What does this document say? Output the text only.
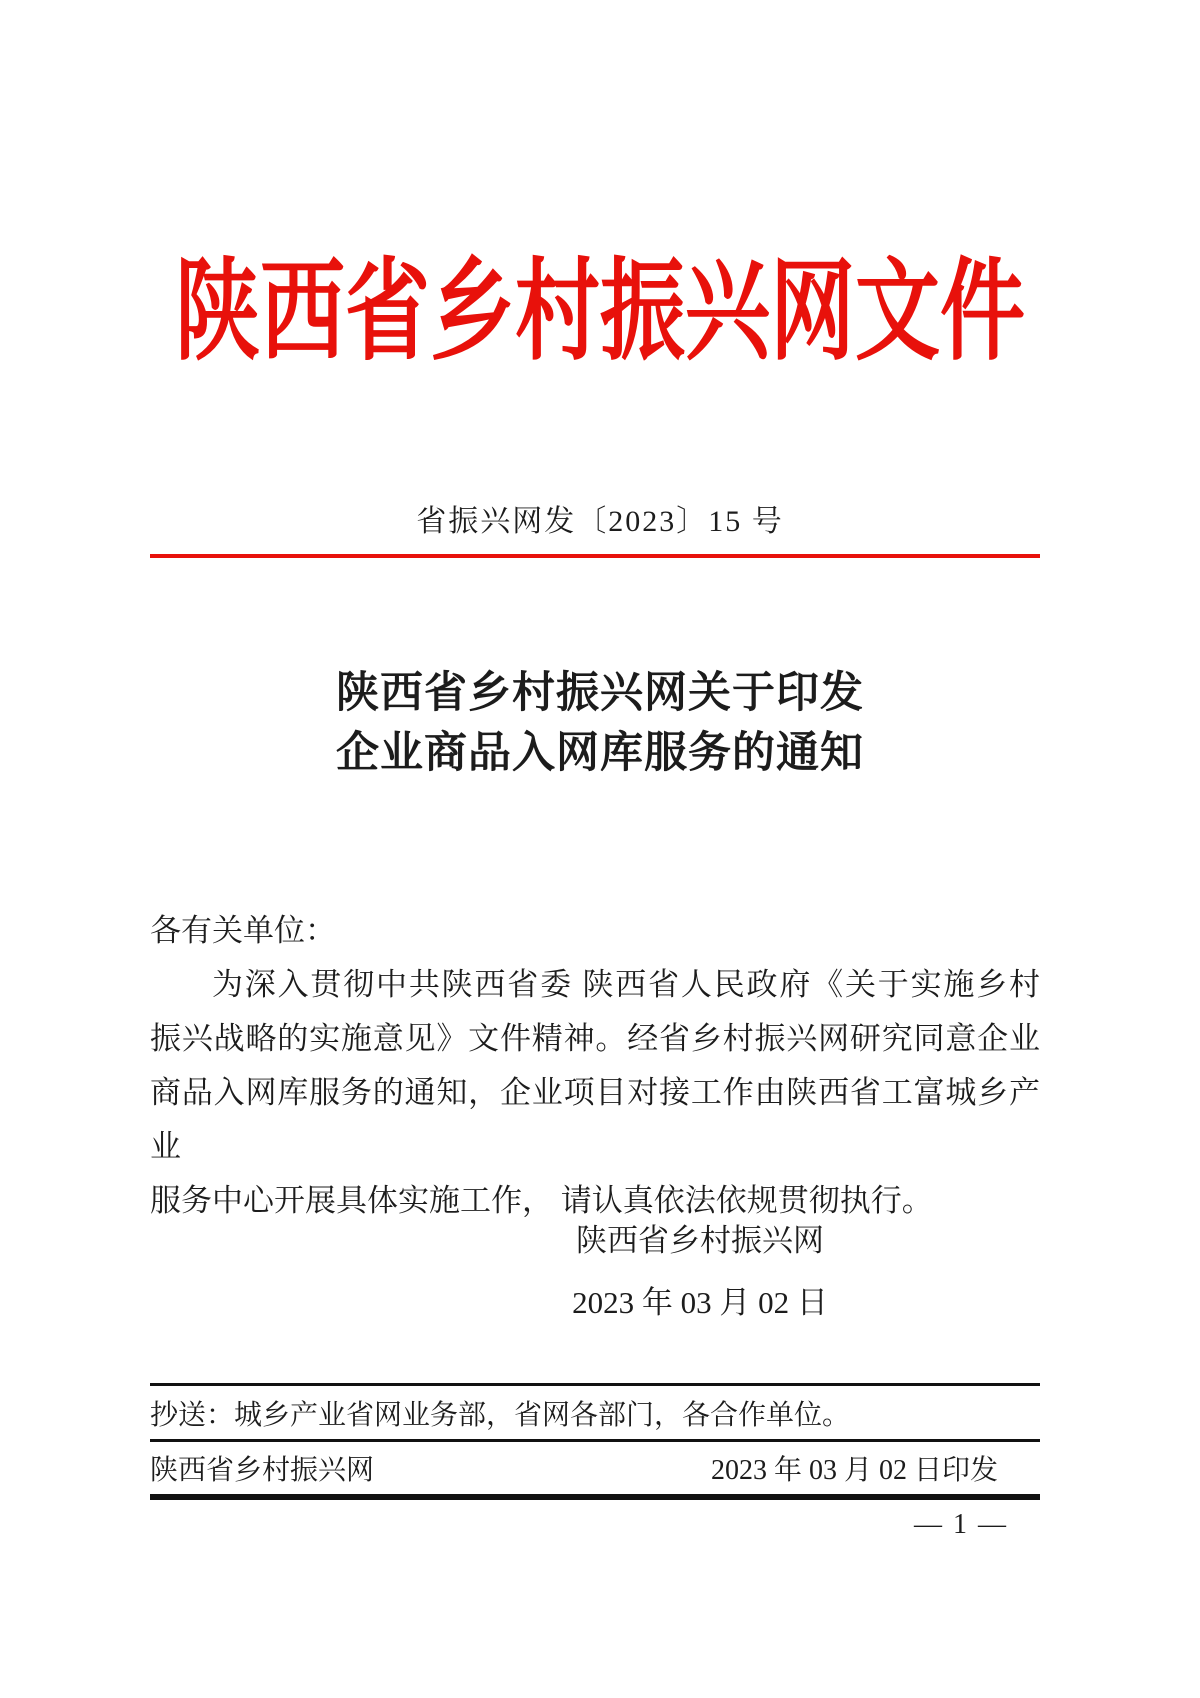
陕西省乡村振兴网文件
省振兴网发〔2023〕15 号
陕西省乡村振兴网关于印发
企业商品入网库服务的通知
各有关单位：
为深入贯彻中共陕西省委 陕西省人民政府《关于实施乡村
振兴战略的实施意见》文件精神。经省乡村振兴网研究同意企业
商品入网库服务的通知，企业项目对接工作由陕西省工富城乡产业
服务中心开展具体实施工作， 请认真依法依规贯彻执行。
陕西省乡村振兴网
2023 年 03 月 02 日
抄送：城乡产业省网业务部，省网各部门，各合作单位。
陕西省乡村振兴网	2023 年 03 月 02 日印发
— 1 —
